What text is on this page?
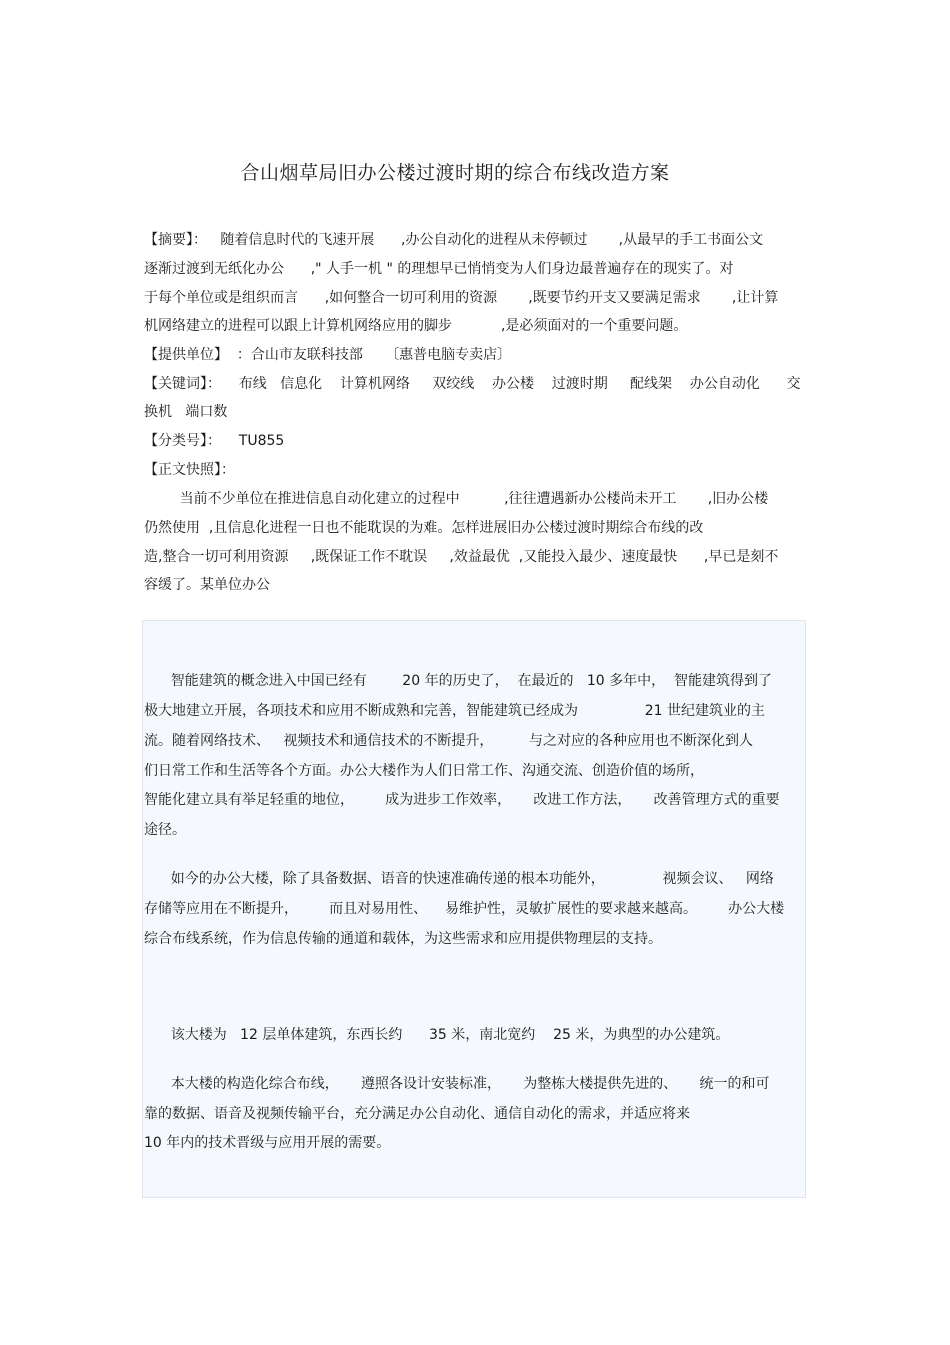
合山烟草局旧办公楼过渡时期的综合布线改造方案
【摘要】：   随着信息时代的飞速开展      ,办公自动化的进程从未停顿过       ,从最早的手工书面公文
逐渐过渡到无纸化办公      ," 人手一机 " 的理想早已悄悄变为人们身边最普遍存在的现实了。对
于每个单位或是组织而言      ,如何整合一切可利用的资源       ,既要节约开支又要满足需求       ,让计算
机网络建立的进程可以跟上计算机网络应用的脚步           ,是必须面对的一个重要问题。
【提供单位】  ：合山市友联科技部     〔惠普电脑专卖店〕
【关键词】：    布线   信息化    计算机网络     双绞线    办公楼    过渡时期     配线架    办公自动化      交
换机   端口数
【分类号】：    TU855
【正文快照】：
当前不少单位在推进信息自动化建立的过程中          ,往往遭遇新办公楼尚未开工       ,旧办公楼
仍然使用  ,且信息化进程一日也不能耽误的为难。怎样进展旧办公楼过渡时期综合布线的改
造,整合一切可利用资源     ,既保证工作不耽误     ,效益最优  ,又能投入最少、速度最快      ,早已是刻不
容缓了。某单位办公
智能建筑的概念进入中国已经有        20 年的历史了，  在最近的   10 多年中，  智能建筑得到了
极大地建立开展，各项技术和应用不断成熟和完善，智能建筑已经成为               21 世纪建筑业的主
流。随着网络技术、   视频技术和通信技术的不断提升，        与之对应的各种应用也不断深化到人
们日常工作和生活等各个方面。办公大楼作为人们日常工作、沟通交流、创造价值的场所，
智能化建立具有举足轻重的地位，       成为进步工作效率，     改进工作方法，     改善管理方式的重要
途径。
如今的办公大楼，除了具备数据、语音的快速准确传递的根本功能外，             视频会议、   网络
存储等应用在不断提升，       而且对易用性、    易维护性，灵敏扩展性的要求越来越高。       办公大楼
综合布线系统，作为信息传输的通道和载体，为这些需求和应用提供物理层的支持。
该大楼为   12 层单体建筑，东西长约      35 米，南北宽约    25 米，为典型的办公建筑。
本大楼的构造化综合布线，     遵照各设计安装标准，     为整栋大楼提供先进的、     统一的和可
靠的数据、语音及视频传输平台，充分满足办公自动化、通信自动化的需求，并适应将来
10 年内的技术晋级与应用开展的需要。
